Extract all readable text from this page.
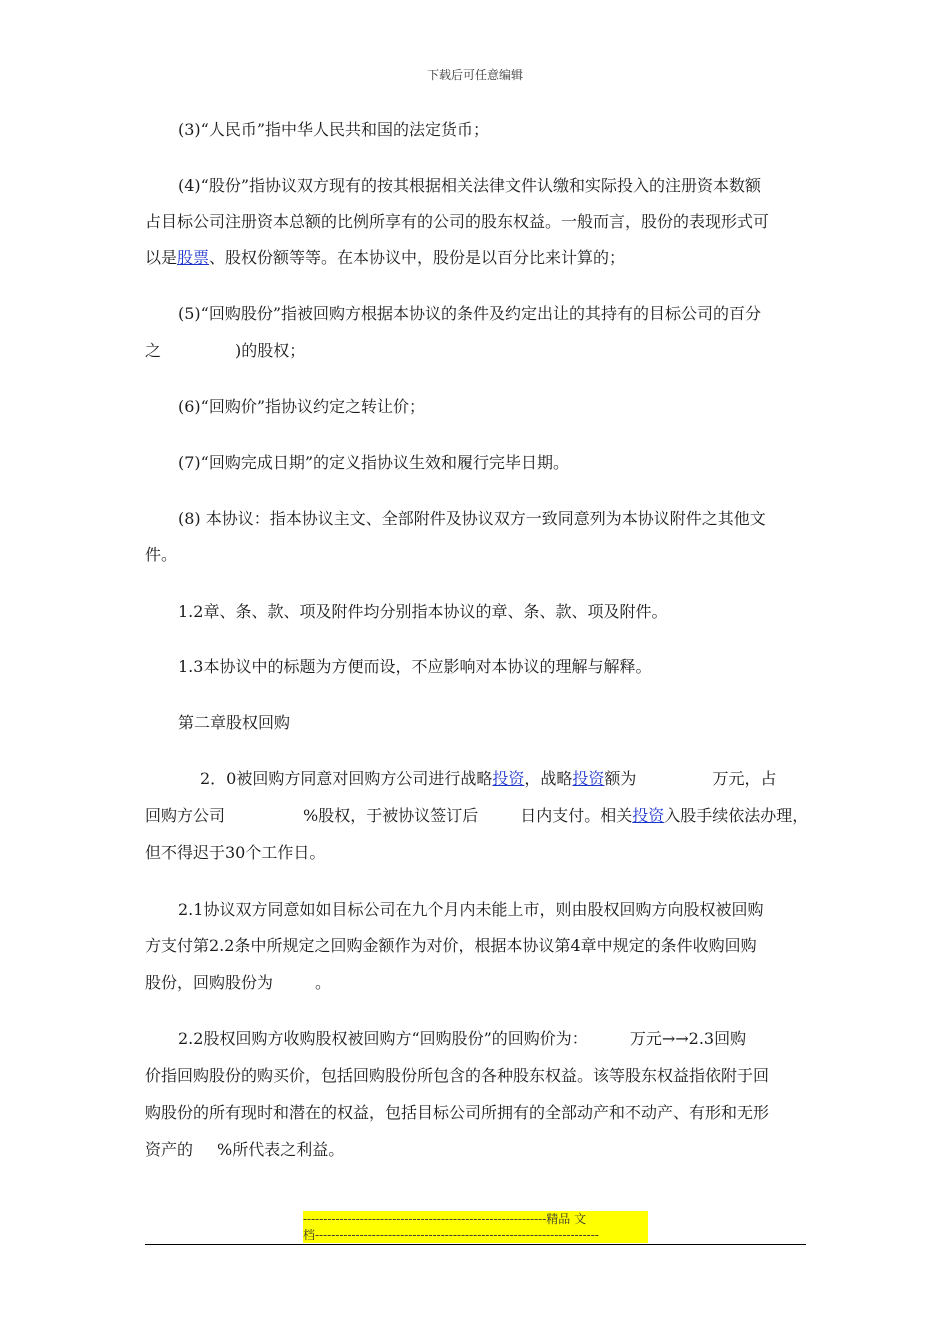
下载后可任意编辑
(3)“人民币”指中华人民共和国的法定货币；
(4)“股份”指协议双方现有的按其根据相关法律文件认缴和实际投入的注册资本数额
占目标公司注册资本总额的比例所享有的公司的股东权益。一般而言，股份的表现形式可
以是股票、股权份额等等。在本协议中，股份是以百分比来计算的；
(5)“回购股份”指被回购方根据本协议的条件及约定出让的其持有的目标公司的百分
之	)的股权；
(6)“回购价”指协议约定之转让价；
(7)“回购完成日期”的定义指协议生效和履行完毕日期。
(8) 本协议：指本协议主文、全部附件及协议双方一致同意列为本协议附件之其他文
件。
1.2章、条、款、项及附件均分别指本协议的章、条、款、项及附件。
1.3本协议中的标题为方便而设，不应影响对本协议的理解与解释。
第二章股权回购
2．0被回购方同意对回购方公司进行战略投资，战略投资额为	万元，占
回购方公司	%股权，于被协议签订后	日内支付。相关投资入股手续依法办理，
但不得迟于30个工作日。
2.1协议双方同意如如目标公司在九个月内未能上市，则由股权回购方向股权被回购
方支付第2.2条中所规定之回购金额作为对价，根据本协议第4章中规定的条件收购回购
股份，回购股份为	。
2.2股权回购方收购股权被回购方“回购股份”的回购价为：	万元→→2.3回购
价指回购股份的购买价，包括回购股份所包含的各种股东权益。该等股东权益指依附于回
购股份的所有现时和潜在的权益，包括目标公司所拥有的全部动产和不动产、有形和无形
资产的 %所代表之利益。
------------------------------------------------------------精品 文
档----------------------------------------------------------------------
